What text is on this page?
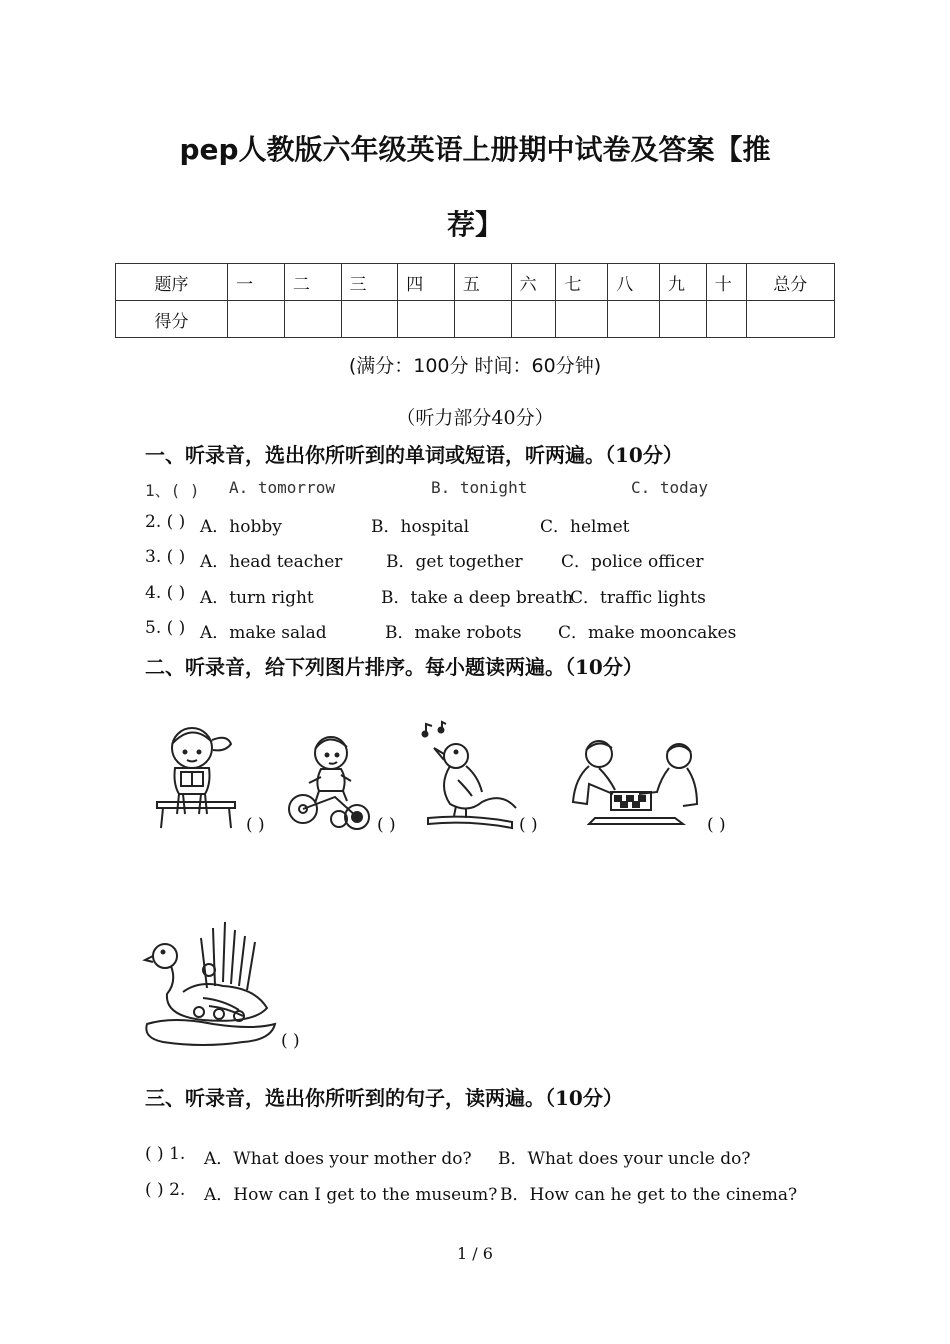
pep人教版六年级英语上册期中试卷及答案【推
荐】
题序	一	二	三	四	五	六	七	八	九	十	总分
得分											
(满分：100分 时间：60分钟)
（听力部分40分）
一、听录音，选出你所听到的单词或短语，听两遍。（10分）
1、( ) A. tomorrow	B. tonight	C. today
2. ( ) A．hobby	B．hospital	C．helmet
3. ( ) A．head teacher	B．get together C．police officer
4. ( ) A．turn right	B．take a deep breath
C．traffic lights
5. ( ) A．make salad	B．make robots C．make mooncakes
二、听录音，给下列图片排序。每小题读两遍。（10分）
( )	( )	( )	( )
( )
三、听录音，选出你所听到的句子，读两遍。（10分）
( ) 1. A．What does your mother do? B．What does your uncle do?
( ) 2. A．How can I get to the museum? B．How can he get to the cinema?
1 / 6
